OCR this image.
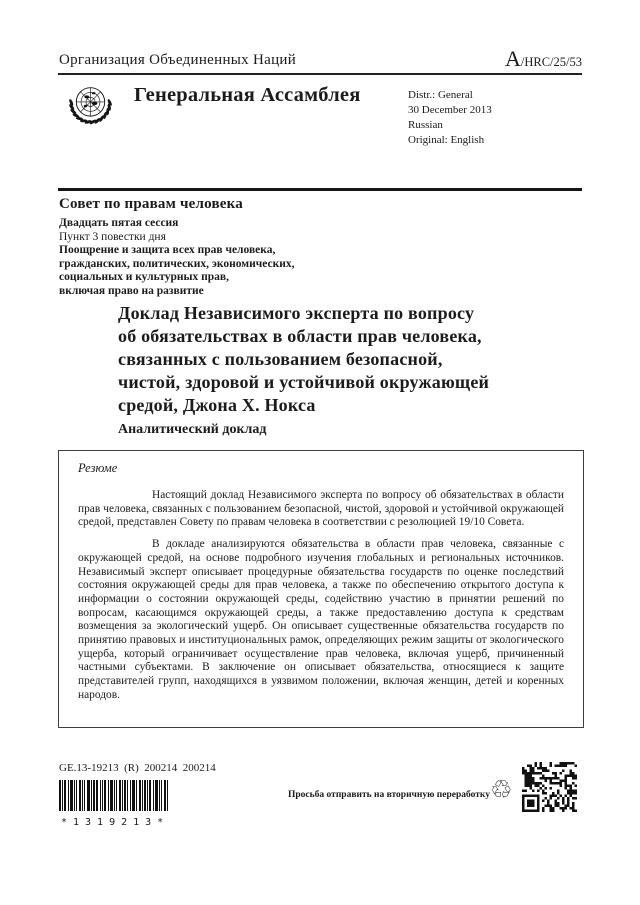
Организация Объединенных Наций	A/HRC/25/53
Генеральная Ассамблея	Distr.: General
30 December 2013
Russian
Original: English
Совет по правам человека
Двадцать пятая сессия
Пункт 3 повестки дня
Поощрение и защита всех прав человека,
гражданских, политических, экономических,
социальных и культурных прав,
включая право на развитие
Доклад Независимого эксперта по вопросу
об обязательствах в области прав человека,
связанных с пользованием безопасной,
чистой, здоровой и устойчивой окружающей
средой, Джона Х. Нокса
Аналитический доклад
Резюме

Настоящий доклад Независимого эксперта по вопросу об обязательствах в области прав человека, связанных с пользованием безопасной, чистой, здоровой и устойчивой окружающей средой, представлен Совету по правам человека в соответствии с резолюцией 19/10 Совета.

В докладе анализируются обязательства в области прав человека, связанные с окружающей средой, на основе подробного изучения глобальных и региональных источников. Независимый эксперт описывает процедурные обязательства государств по оценке последствий состояния окружающей среды для прав человека, а также по обеспечению открытого доступа к информации о состоянии окружающей среды, содействию участию в принятии решений по вопросам, касающимся окружающей среды, а также предоставлению доступа к средствам возмещения за экологический ущерб. Он описывает существенные обязательства государств по принятию правовых и институциональных рамок, определяющих режим защиты от экологического ущерба, который ограничивает осуществление прав человека, включая ущерб, причиненный частными субъектами. В заключение он описывает обязательства, относящиеся к защите представителей групп, находящихся в уязвимом положении, включая женщин, детей и коренных народов.

GE.13-19213  (R)  200214  200214
*1319213*
Просьба отправить на вторичную переработку ♲
